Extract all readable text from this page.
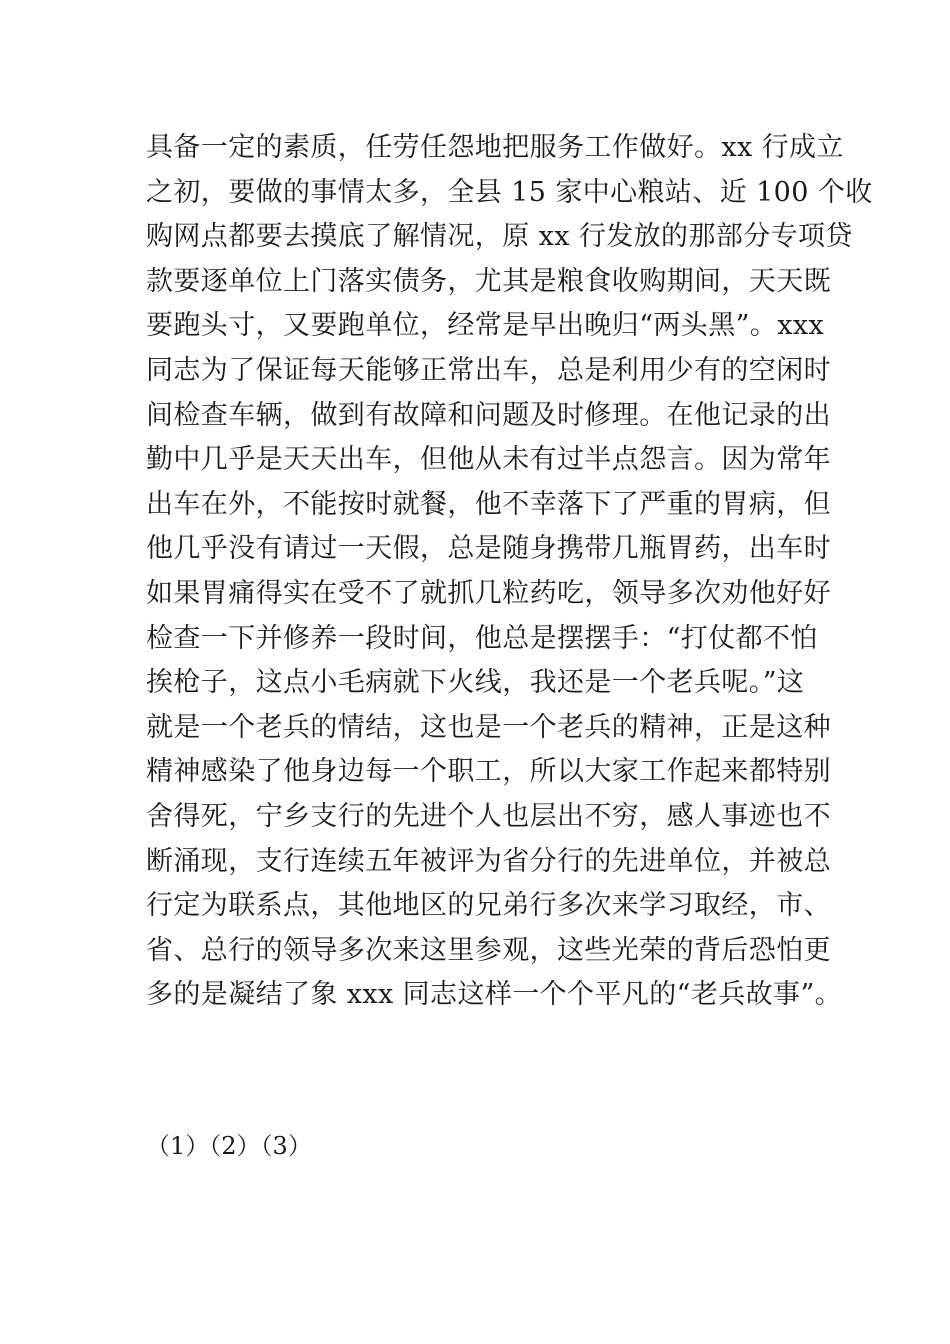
具备一定的素质，任劳任怨地把服务工作做好。xx 行成立
之初，要做的事情太多，全县 15 家中心粮站、近 100 个收
购网点都要去摸底了解情况，原 xx 行发放的那部分专项贷
款要逐单位上门落实债务，尤其是粮食收购期间，天天既
要跑头寸，又要跑单位，经常是早出晚归“两头黑”。xxx
同志为了保证每天能够正常出车，总是利用少有的空闲时
间检查车辆，做到有故障和问题及时修理。在他记录的出
勤中几乎是天天出车，但他从未有过半点怨言。因为常年
出车在外，不能按时就餐，他不幸落下了严重的胃病，但
他几乎没有请过一天假，总是随身携带几瓶胃药，出车时
如果胃痛得实在受不了就抓几粒药吃，领导多次劝他好好
检查一下并修养一段时间，他总是摆摆手：“打仗都不怕
挨枪子，这点小毛病就下火线，我还是一个老兵呢。”这
就是一个老兵的情结，这也是一个老兵的精神，正是这种
精神感染了他身边每一个职工，所以大家工作起来都特别
舍得死，宁乡支行的先进个人也层出不穷，感人事迹也不
断涌现，支行连续五年被评为省分行的先进单位，并被总
行定为联系点，其他地区的兄弟行多次来学习取经，市、
省、总行的领导多次来这里参观，这些光荣的背后恐怕更
多的是凝结了象 xxx 同志这样一个个平凡的“老兵故事”。
（1）（2）（3）
